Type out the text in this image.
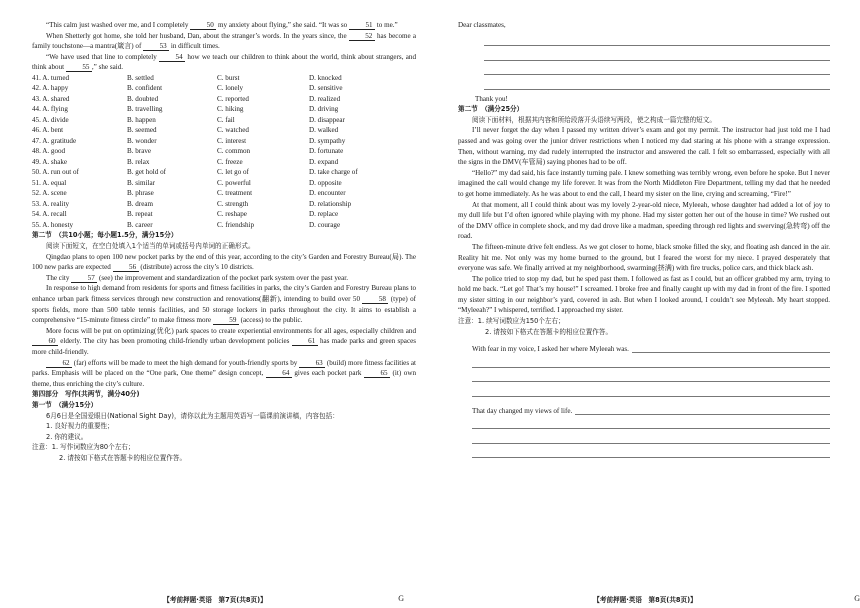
“This calm just washed over me, and I completely 50 my anxiety about flying,” she said. “It was so 51 to me.”

When Shetterly got home, she told her husband, Dan, about the stranger’s words. In the years since, the 52 has become a family touchstone—a mantra(箴言) of 53 in difficult times.

“We have used that line to completely 54 how we teach our children to think about the world, think about strangers, and think about 55 ,” she said.

41. A. turned	B. settled	C. burst	D. knocked
42. A. happy	B. confident	C. lonely	D. sensitive
43. A. shared	B. doubted	C. reported	D. realized
44. A. flying	B. travelling	C. hiking	D. driving
45. A. divide	B. happen	C. fail	D. disappear
46. A. bent	B. seemed	C. watched	D. walked
47. A. gratitude	B. wonder	C. interest	D. sympathy
48. A. good	B. brave	C. common	D. fortunate
49. A. shake	B. relax	C. freeze	D. expand
50. A. run out of	B. get hold of	C. let go of	D. take charge of
51. A. equal	B. similar	C. powerful	D. opposite
52. A. scene	B. phrase	C. treatment	D. encounter
53. A. reality	B. dream	C. strength	D. relationship
54. A. recall	B. repeat	C. reshape	D. replace
55. A. honesty	B. career	C. friendship	D. courage

第二节　（共10小题；每小题1.5分，满分15分）

阅读下面短文，在空白处填入1个适当的单词或括号内单词的正确形式。

Qingdao plans to open 100 new pocket parks by the end of this year, according to the city’s Garden and Forestry Bureau(局). The 100 new parks are expected 56 (distribute) across the city’s 10 districts.

The city 57 (see) the improvement and standardization of the pocket park system over the past year.

In response to high demand from residents for sports and fitness facilities in parks, the city’s Garden and Forestry Bureau plans to enhance urban park fitness services through new construction and renovations(翻新), intending to build over 50 58 (type) of sports fields, more than 500 table tennis facilities, and 50 storage lockers in parks throughout the city. It aims to establish a comprehensive “15-minute fitness circle” to make fitness more 59 (access) to the public.

More focus will be put on optimizing(优化) park spaces to create experiential environments for all ages, especially children and 60 elderly. The city has been promoting child-friendly urban development policies 61 has made parks and green spaces more child-friendly.

62 (far) efforts will be made to meet the high demand for youth-friendly sports by 63 (build) more fitness facilities at parks. Emphasis will be placed on the “One park, One theme” design concept, 64 gives each pocket park 65 (it) own theme, thus enriching the city’s culture.

第四部分　写作(共两节，满分40分)

第一节　（满分15分）

6月6日是全国爱眼日(National Sight Day)，请你以此为主题用英语写一篇课前演讲稿，内容包括：

1. 良好视力的重要性；

2. 你的建议。

注意：1. 写作词数应为80个左右；

2. 请按如下格式在答题卡的相应位置作答。

【考前押题·英语　第7页(共8页)】	G

Dear classmates,

Thank you!

第二节　（满分25分）

阅读下面材料，根据其内容和所给段落开头语续写两段，使之构成一篇完整的短文。

I’ll never forget the day when I passed my written driver’s exam and got my permit. The instructor had just told me I had passed and was going over the junior driver restrictions when I noticed my dad staring at his phone with a strange expression. Then, without warning, my dad rudely interrupted the instructor and answered the call. I felt so embarrassed, especially with all the signs in the DMV(车管局) saying phones had to be off.

“Hello?” my dad said, his face instantly turning pale. I knew something was terribly wrong, even before he spoke. But I never imagined the call would change my life forever. It was from the North Middleton Fire Department, telling my dad that he needed to get home immediately. As he was about to end the call, I heard my sister on the line, crying and screaming, “Fire!”

At that moment, all I could think about was my lovely 2-year-old niece, Myleeah, whose daughter had added a lot of joy to my dull life but I’d often ignored while playing with my phone. Had my sister gotten her out of the house in time? We rushed out of the DMV office in complete shock, and my dad drove like a madman, speeding through red lights and swerving(急转弯) off the road.

The fifteen-minute drive felt endless. As we got closer to home, black smoke filled the sky, and floating ash danced in the air. Reality hit me. Not only was my home burned to the ground, but I feared the worst for my niece. I prayed desperately that everyone was safe. We finally arrived at my neighborhood, swarming(挤满) with fire trucks, police cars, and thick black ash.

The police tried to stop my dad, but he sped past them. I followed as fast as I could, but an officer grabbed my arm, trying to hold me back. “Let go! That’s my house!” I screamed. I broke free and finally caught up with my dad in front of the fire. I spotted my sister sitting in our neighbor’s yard, covered in ash. But when I looked around, I couldn’t see Myleeah. My heart stopped. “Myleeah?” I whispered, terrified. I approached my sister.

注意：1. 续写词数应为150个左右；

2. 请按如下格式在答题卡的相应位置作答。

With fear in my voice, I asked her where Myleeah was.
That day changed my views of life.
【考前押题·英语　第8页(共8页)】	G
